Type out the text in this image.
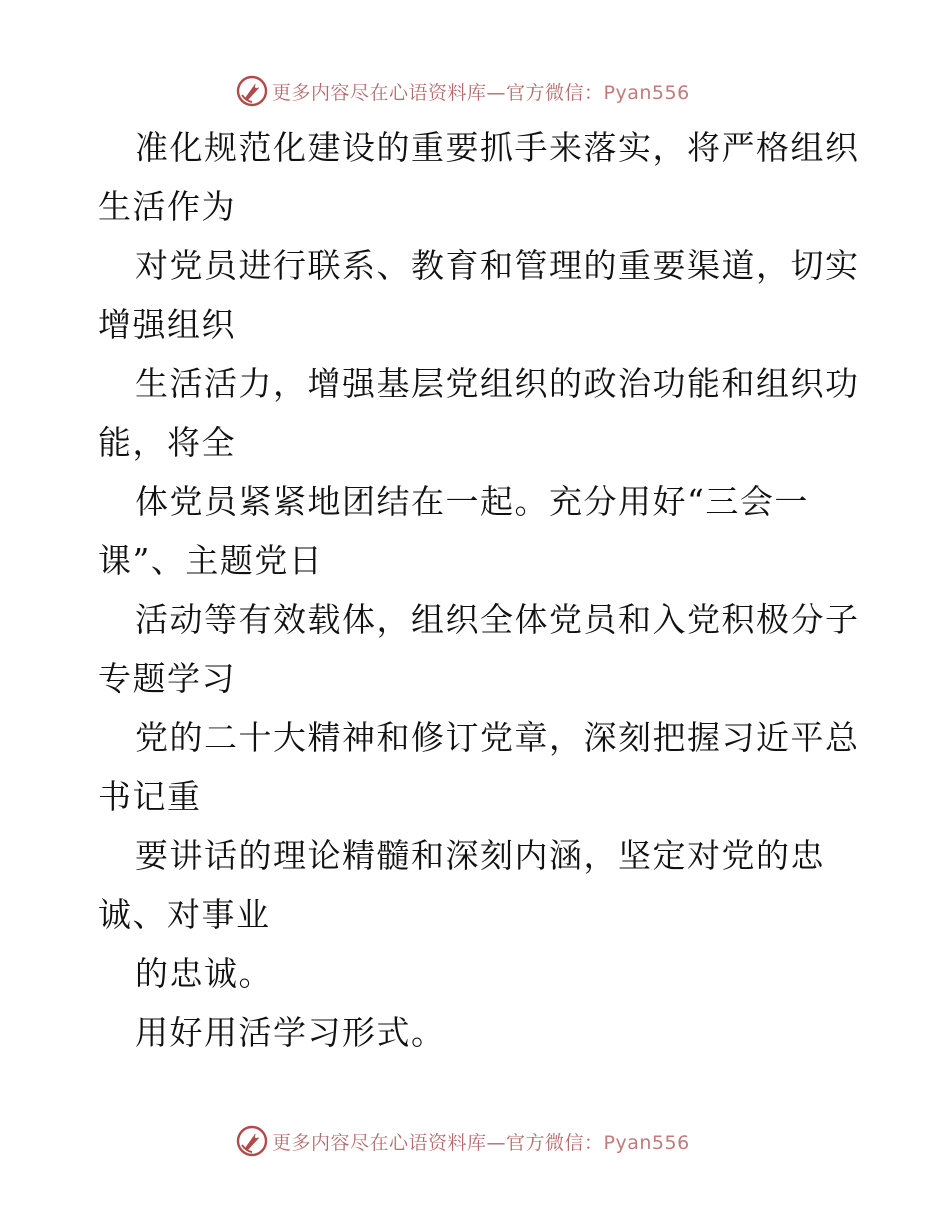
更多内容尽在心语资料库—官方微信：Pyan556
准化规范化建设的重要抓手来落实，将严格组织
生活作为
对党员进行联系、教育和管理的重要渠道，切实
增强组织
生活活力，增强基层党组织的政治功能和组织功
能，将全
体党员紧紧地团结在一起。充分用好“三会一
课”、主题党日
活动等有效载体，组织全体党员和入党积极分子
专题学习
党的二十大精神和修订党章，深刻把握习近平总
书记重
要讲话的理论精髓和深刻内涵，坚定对党的忠
诚、对事业
的忠诚。
用好用活学习形式。
更多内容尽在心语资料库—官方微信：Pyan556
